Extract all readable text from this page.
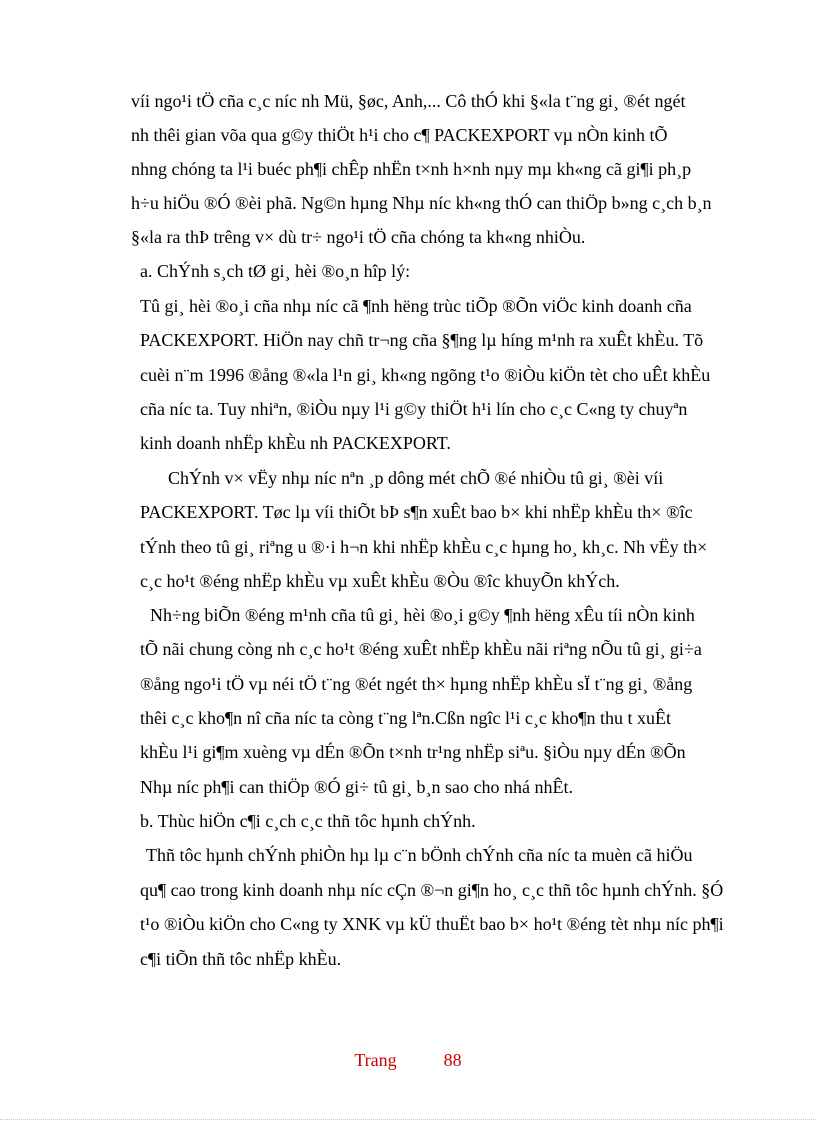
víi ngo¹i tÖ cña c¸c níc nh Mü, §øc, Anh,... Cô thÓ khi §«la t¨ng gi¸ ®ét ngét
nh thêi gian võa qua g©y thiÖt h¹i cho c¶ PACKEXPORT vµ nÒn kinh tÕ
nhng chóng ta l¹i buéc ph¶i chÊp nhËn t×nh h×nh nµy mµ kh«ng cã gi¶i ph¸p
h÷u hiÖu ®Ó ®èi phã. Ng©n hµng Nhµ níc kh«ng thÓ can thiÖp b»ng c¸ch b¸n
§«la ra thÞ trêng v× dù tr÷ ngo¹i tÖ cña chóng ta kh«ng nhiÒu.
a. ChÝnh s¸ch tØ gi¸ hèi ®o¸n hîp lý:
Tû gi¸ hèi ®o¸i cña nhµ níc cã ¶nh hëng trùc tiÕp ®Õn viÖc kinh doanh cña
PACKEXPORT. HiÖn nay chñ tr¬ng cña §¶ng lµ híng m¹nh ra xuÊt khÈu. Tõ
cuèi n¨m 1996 ®ång ®«la l¹n gi¸ kh«ng ngõng t¹o ®iÒu kiÖn tèt cho uÊt khÈu
cña níc ta. Tuy nhiªn, ®iÒu nµy l¹i g©y thiÖt h¹i lín cho c¸c C«ng ty chuyªn
kinh doanh nhËp khÈu nh PACKEXPORT.
ChÝnh v× vËy nhµ níc nªn ¸p dông mét chÕ ®é nhiÒu tû gi¸ ®èi víi
PACKEXPORT. Tøc lµ víi thiÕt bÞ s¶n xuÊt bao b× khi nhËp khÈu th× ®îc
tÝnh theo tû gi¸ riªng u ®·i h¬n khi nhËp khÈu c¸c hµng ho¸ kh¸c. Nh vËy th×
c¸c ho¹t ®éng nhËp khÈu vµ xuÊt khÈu ®Òu ®îc khuyÕn khÝch.
Nh÷ng biÕn ®éng m¹nh cña tû gi¸ hèi ®o¸i g©y ¶nh hëng xÊu tíi nÒn kinh
tÕ nãi chung còng nh c¸c ho¹t ®éng xuÊt nhËp khÈu nãi riªng nÕu tû gi¸ gi÷a
®ång ngo¹i tÖ vµ néi tÖ t¨ng ®ét ngét th× hµng nhËp khÈu sÏ t¨ng gi¸ ®ång
thêi c¸c kho¶n nî cña níc ta còng t¨ng lªn.Cßn ngîc l¹i c¸c kho¶n thu t xuÊt
khÈu l¹i gi¶m xuèng vµ dÉn ®Õn t×nh tr¹ng nhËp siªu. §iÒu nµy dÉn ®Õn
Nhµ níc ph¶i can thiÖp ®Ó gi÷ tû gi¸ b¸n sao cho nhá nhÊt.
b. Thùc hiÖn c¶i c¸ch c¸c thñ tôc hµnh chÝnh.
Thñ tôc hµnh chÝnh phiÒn hµ lµ c¨n bÖnh chÝnh cña níc ta muèn cã hiÖu
qu¶ cao trong kinh doanh nhµ níc cÇn ®¬n gi¶n ho¸ c¸c thñ tôc hµnh chÝnh. §Ó
t¹o ®iÒu kiÖn cho C«ng ty XNK vµ kÜ thuËt bao b× ho¹t ®éng tèt nhµ níc ph¶i
c¶i tiÕn thñ tôc nhËp khÈu.
Trang	88
